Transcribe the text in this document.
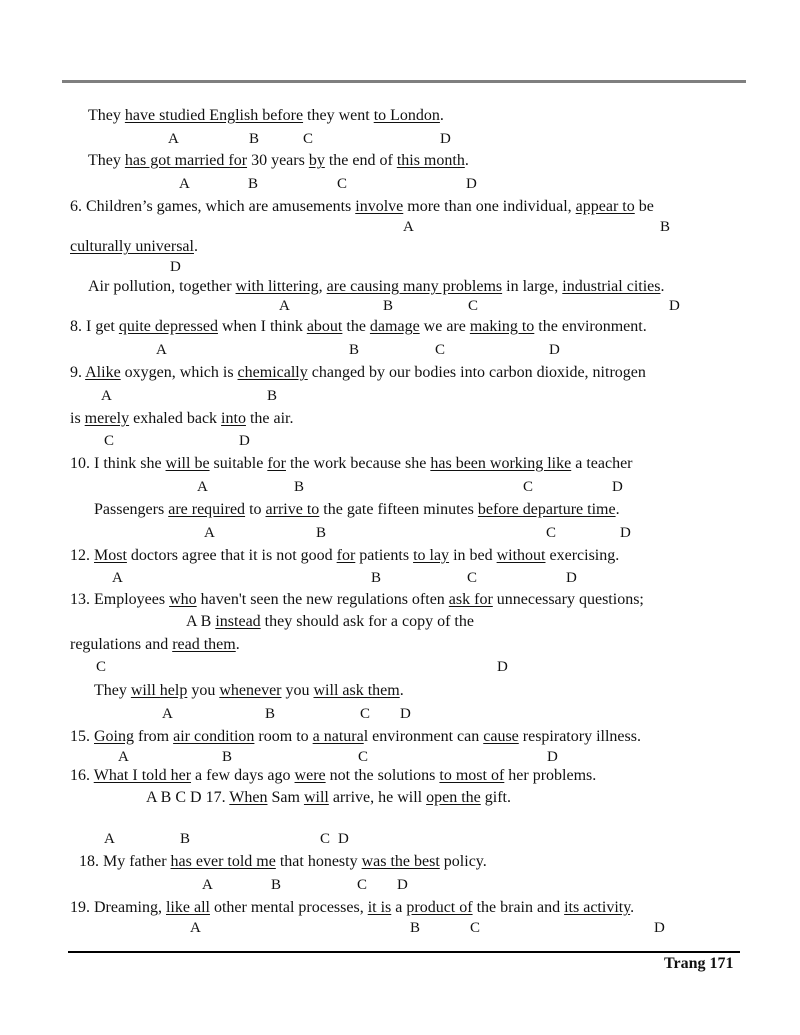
They have studied English before they went to London.
They has got married for 30 years by the end of this month.
6. Children’s games, which are amusements involve more than one individual, appear to be
culturally universal.
Air pollution, together with littering, are causing many problems in large, industrial cities.
8. I get quite depressed when I think about the damage we are making to the environment.
9. Alike oxygen, which is chemically changed by our bodies into carbon dioxide, nitrogen
is merely exhaled back into the air.
10. I think she will be suitable for the work because she has been working like a teacher
Passengers are required to arrive to the gate fifteen minutes before departure time.
12. Most doctors agree that it is not good for patients to lay in bed without exercising.
13. Employees who haven't seen the new regulations often ask for unnecessary questions;
A B instead they should ask for a copy of the
regulations and read them.
They will help you whenever you will ask them.
15. Going from air condition room to a natural environment can cause respiratory illness.
16. What I told her a few days ago were not the solutions to most of her problems.
A B C D 17. When Sam will arrive, he will open the gift.
18. My father has ever told me that honesty was the best policy.
19. Dreaming, like all other mental processes, it is a product of the brain and its activity.
A	B	C	D
A	B	C	D
A	B
D
A	B	C	D
A	B	C	D
A	B
C	D
A	B	C	D
A	B	C	D
A	B	C	D
C	D
A	B	C D
A	B	C	D
A	B	C D
A	B	C D
A	B	C	D
Trang 171
